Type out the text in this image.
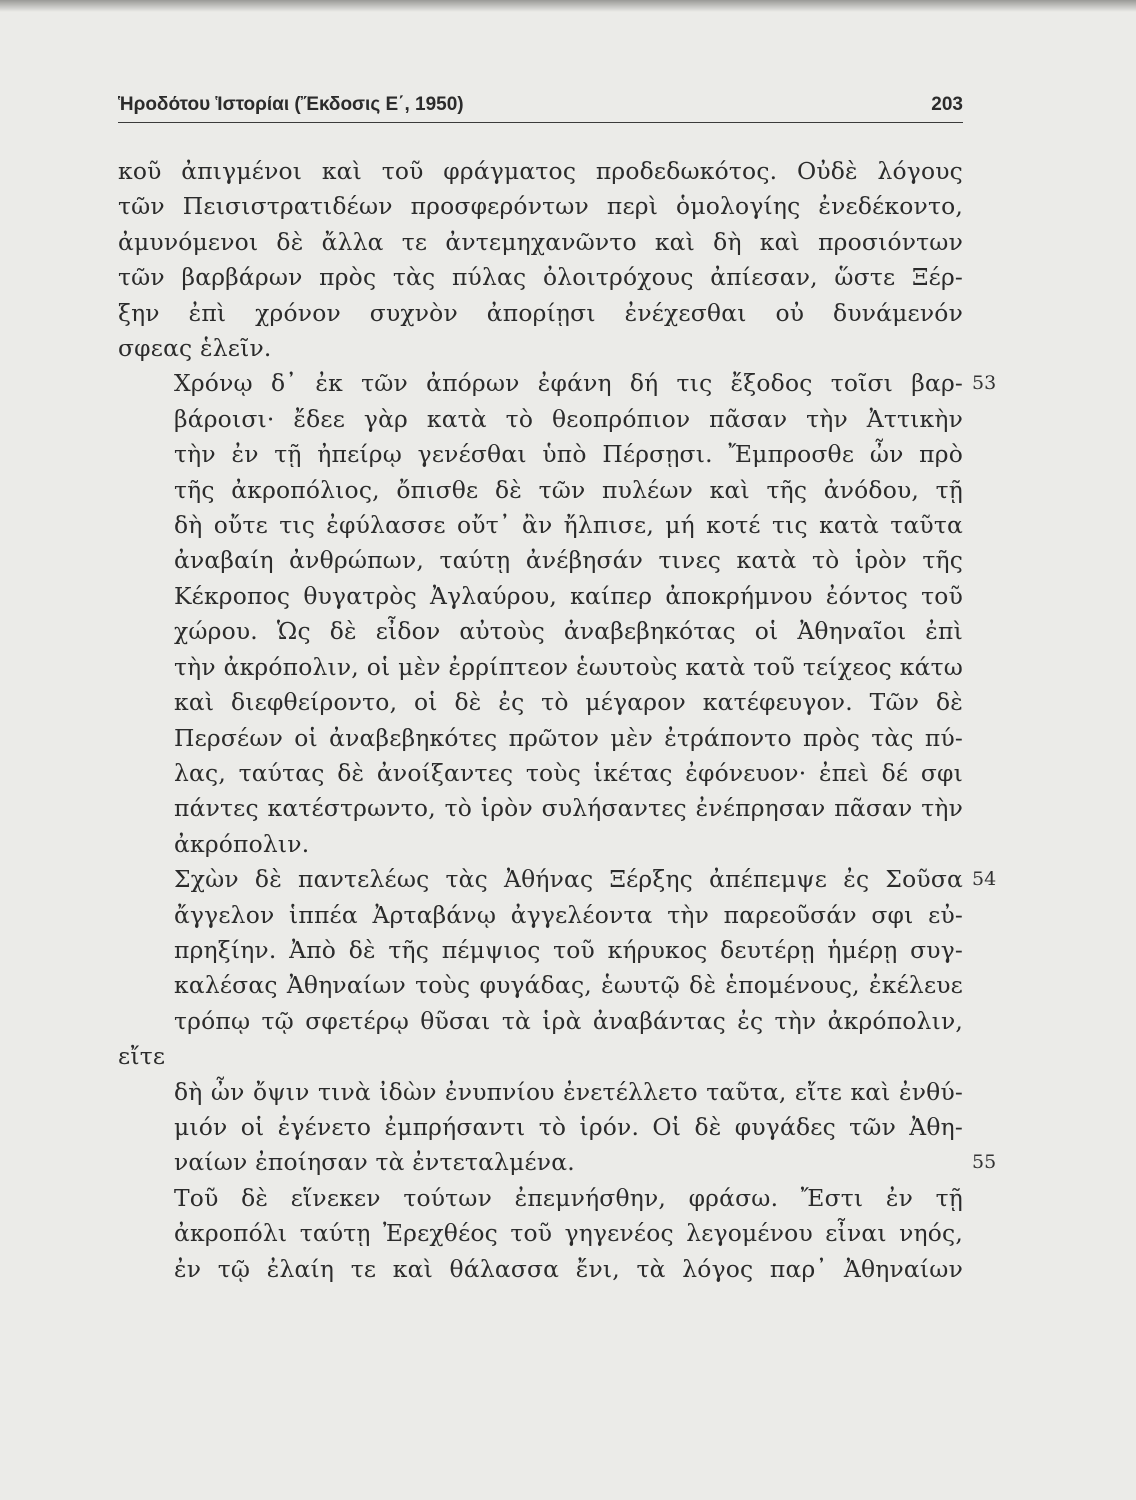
Ἡροδότου Ἱστορίαι (Ἔκδοσις Ε΄, 1950)	203

κοῦ ἀπιγμένοι καὶ τοῦ φράγματος προδεδωκότος. Οὐδὲ λόγους
τῶν Πεισιστρατιδέων προσφερόντων περὶ ὁμολογίης ἐνεδέκοντο,
ἀμυνόμενοι δὲ ἄλλα τε ἀντεμηχανῶντο καὶ δὴ καὶ προσιόντων
τῶν βαρβάρων πρὸς τὰς πύλας ὀλοιτρόχους ἀπίεσαν, ὥστε Ξέρ-
ξην ἐπὶ χρόνον συχνὸν ἀπορίῃσι ἐνέχεσθαι οὐ δυνάμενόν
σφεας ἑλεῖν.

Χρόνῳ δ᾽ ἐκ τῶν ἀπόρων ἐφάνη δή τις ἔξοδος τοῖσι βαρ-
βάροισι· ἔδεε γὰρ κατὰ τὸ θεοπρόπιον πᾶσαν τὴν Ἀττικὴν
τὴν ἐν τῇ ἠπείρῳ γενέσθαι ὑπὸ Πέρσῃσι. Ἔμπροσθε ὦν πρὸ
τῆς ἀκροπόλιος, ὄπισθε δὲ τῶν πυλέων καὶ τῆς ἀνόδου, τῇ
δὴ οὔτε τις ἐφύλασσε οὔτ᾽ ἂν ἤλπισε, μή κοτέ τις κατὰ ταῦτα
ἀναβαίη ἀνθρώπων, ταύτῃ ἀνέβησάν τινες κατὰ τὸ ἱρὸν τῆς
Κέκροπος θυγατρὸς Ἀγλαύρου, καίπερ ἀποκρήμνου ἐόντος τοῦ
χώρου. Ὡς δὲ εἶδον αὐτοὺς ἀναβεβηκότας οἱ Ἀθηναῖοι ἐπὶ
τὴν ἀκρόπολιν, οἱ μὲν ἐρρίπτεον ἑωυτοὺς κατὰ τοῦ τείχεος κάτω
καὶ διεφθείροντο, οἱ δὲ ἐς τὸ μέγαρον κατέφευγον. Τῶν δὲ
Περσέων οἱ ἀναβεβηκότες πρῶτον μὲν ἐτράποντο πρὸς τὰς πύ-
λας, ταύτας δὲ ἀνοίξαντες τοὺς ἱκέτας ἐφόνευον· ἐπεὶ δέ σφι
πάντες κατέστρωντο, τὸ ἱρὸν συλήσαντες ἐνέπρησαν πᾶσαν τὴν
ἀκρόπολιν.

Σχὼν δὲ παντελέως τὰς Ἀθήνας Ξέρξης ἀπέπεμψε ἐς Σοῦσα
ἄγγελον ἱππέα Ἀρταβάνῳ ἀγγελέοντα τὴν παρεοῦσάν σφι εὐ-
πρηξίην. Ἀπὸ δὲ τῆς πέμψιος τοῦ κήρυκος δευτέρῃ ἡμέρῃ συγ-
καλέσας Ἀθηναίων τοὺς φυγάδας, ἑωυτῷ δὲ ἑπομένους, ἐκέλευε
τρόπῳ τῷ σφετέρῳ θῦσαι τὰ ἱρὰ ἀναβάντας ἐς τὴν ἀκρόπολιν, εἴτε
δὴ ὦν ὄψιν τινὰ ἰδὼν ἐνυπνίου ἐνετέλλετο ταῦτα, εἴτε καὶ ἐνθύ-
μιόν οἱ ἐγένετο ἐμπρήσαντι τὸ ἱρόν. Οἱ δὲ φυγάδες τῶν Ἀθη-
ναίων ἐποίησαν τὰ ἐντεταλμένα.

Τοῦ δὲ εἵνεκεν τούτων ἐπεμνήσθην, φράσω. Ἔστι ἐν τῇ
ἀκροπόλι ταύτῃ Ἐρεχθέος τοῦ γηγενέος λεγομένου εἶναι νηός,
ἐν τῷ ἐλαίη τε καὶ θάλασσα ἔνι, τὰ λόγος παρ᾽ Ἀθηναίων

53
54
55
